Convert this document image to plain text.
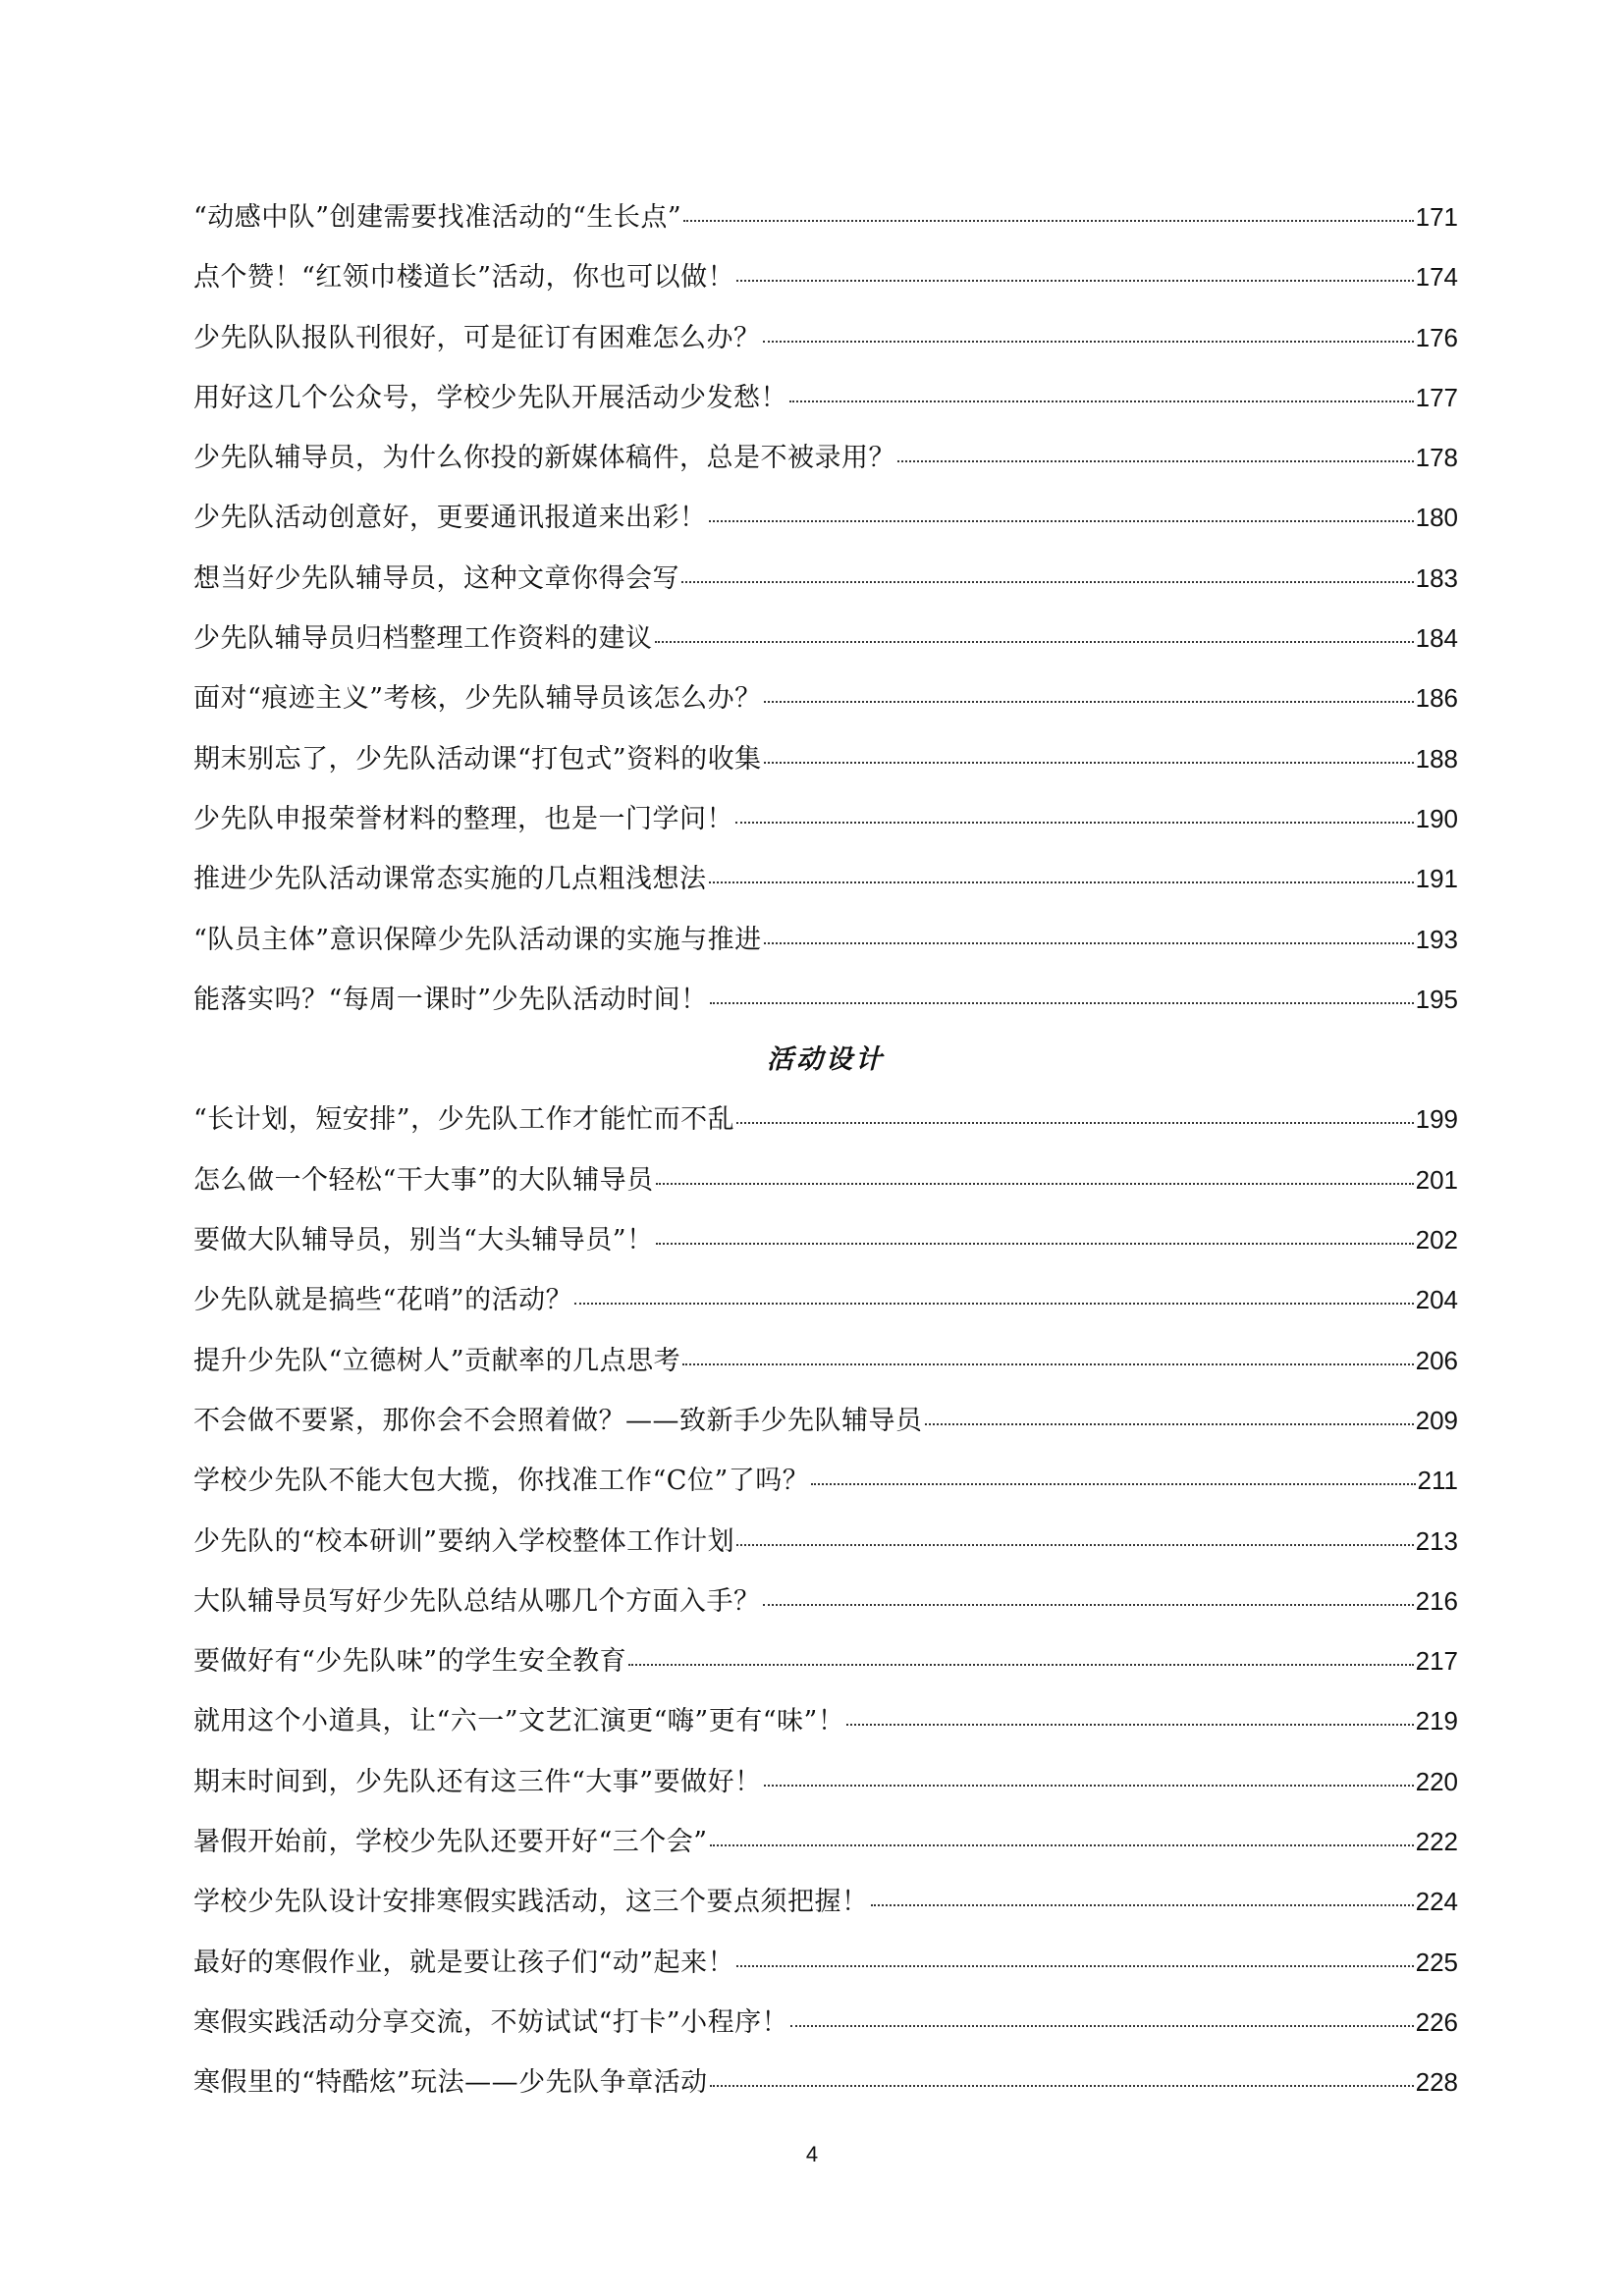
“动感中队”创建需要找准活动的“生长点”	171
点个赞！“红领巾楼道长”活动，你也可以做！	174
少先队队报队刊很好，可是征订有困难怎么办？	176
用好这几个公众号，学校少先队开展活动少发愁！	177
少先队辅导员，为什么你投的新媒体稿件，总是不被录用？	178
少先队活动创意好，更要通讯报道来出彩！	180
想当好少先队辅导员，这种文章你得会写	183
少先队辅导员归档整理工作资料的建议	184
面对“痕迹主义”考核，少先队辅导员该怎么办？	186
期末别忘了，少先队活动课“打包式”资料的收集	188
少先队申报荣誉材料的整理，也是一门学问！	190
推进少先队活动课常态实施的几点粗浅想法	191
“队员主体”意识保障少先队活动课的实施与推进	193
能落实吗？“每周一课时”少先队活动时间！	195
活动设计
“长计划，短安排”，少先队工作才能忙而不乱	199
怎么做一个轻松“干大事”的大队辅导员	201
要做大队辅导员，别当“大头辅导员”！	202
少先队就是搞些“花哨”的活动？	204
提升少先队“立德树人”贡献率的几点思考	206
不会做不要紧，那你会不会照着做？——致新手少先队辅导员	209
学校少先队不能大包大揽，你找准工作“C位”了吗？	211
少先队的“校本研训”要纳入学校整体工作计划	213
大队辅导员写好少先队总结从哪几个方面入手？	216
要做好有“少先队味”的学生安全教育	217
就用这个小道具，让“六一”文艺汇演更“嗨”更有“味”！	219
期末时间到，少先队还有这三件“大事”要做好！	220
暑假开始前，学校少先队还要开好“三个会”	222
学校少先队设计安排寒假实践活动，这三个要点须把握！	224
最好的寒假作业，就是要让孩子们“动”起来！	225
寒假实践活动分享交流，不妨试试“打卡”小程序！	226
寒假里的“特酷炫”玩法——少先队争章活动	228
4
